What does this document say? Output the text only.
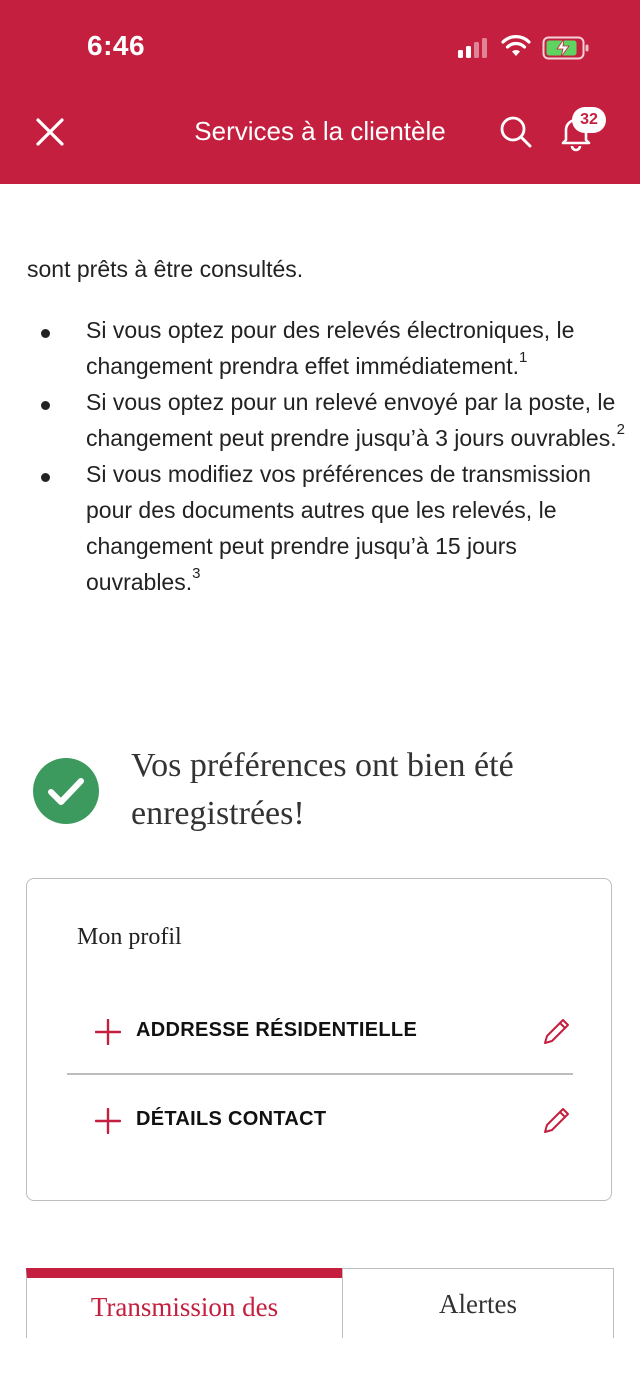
6:46
Services à la clientèle	32
sont prêts à être consultés.
Si vous optez pour des relevés électroniques, le changement prendra effet immédiatement.$^1$
Si vous optez pour un relevé envoyé par la poste, le changement peut prendre jusqu’à 3 jours ouvrables.$^2$
Si vous modifiez vos préférences de transmission pour des documents autres que les relevés, le changement peut prendre jusqu’à 15 jours ouvrables.$^3$
Vos préférences ont bien été enregistrées!
Mon profil
ADDRESSE RÉSIDENTIELLE
DÉTAILS CONTACT
Transmission des	Alertes
